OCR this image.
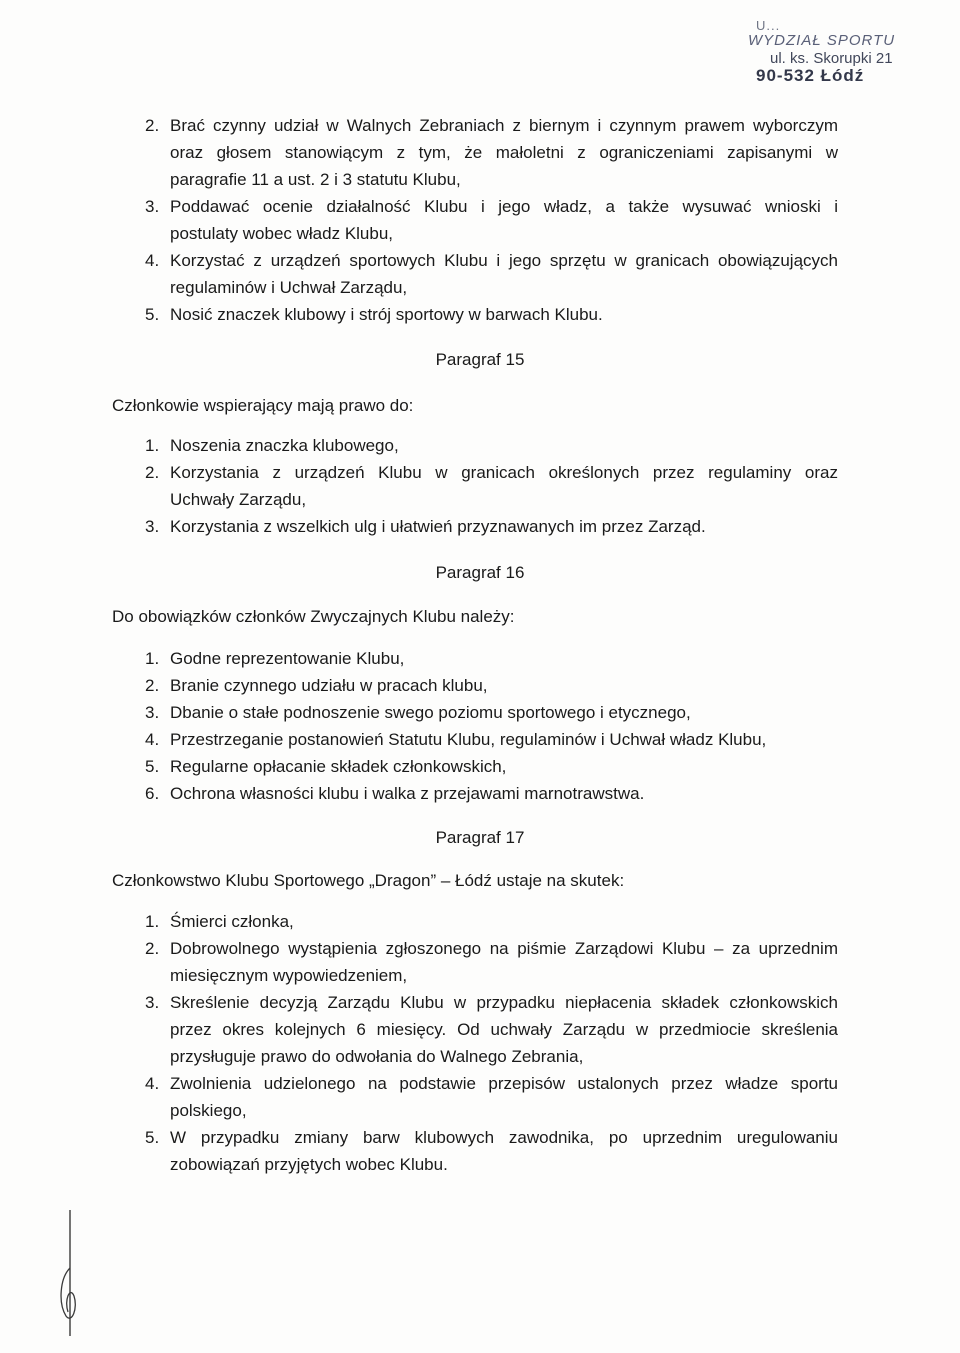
U...
WYDZIAŁ SPORTU
ul. ks. Skorupki 21
90-532 Łódź
2. Brać czynny udział w Walnych Zebraniach z biernym i czynnym prawem wyborczym
oraz głosem stanowiącym z tym, że małoletni z ograniczeniami zapisanymi w
paragrafie 11 a ust. 2 i 3 statutu Klubu,
3. Poddawać ocenie działalność Klubu i jego władz, a także wysuwać wnioski i
postulaty wobec władz Klubu,
4. Korzystać z urządzeń sportowych Klubu i jego sprzętu w granicach obowiązujących
regulaminów i Uchwał Zarządu,
5. Nosić znaczek klubowy i strój sportowy w barwach Klubu.
Paragraf 15
Członkowie wspierający mają prawo do:
1. Noszenia znaczka klubowego,
2. Korzystania z urządzeń Klubu w granicach określonych przez regulaminy oraz
Uchwały Zarządu,
3. Korzystania z wszelkich ulg i ułatwień przyznawanych im przez Zarząd.
Paragraf 16
Do obowiązków członków Zwyczajnych Klubu należy:
1. Godne reprezentowanie Klubu,
2. Branie czynnego udziału w pracach klubu,
3. Dbanie o stałe podnoszenie swego poziomu sportowego i etycznego,
4. Przestrzeganie postanowień Statutu Klubu, regulaminów i Uchwał władz Klubu,
5. Regularne opłacanie składek członkowskich,
6. Ochrona własności klubu i walka z przejawami marnotrawstwa.
Paragraf 17
Członkowstwo Klubu Sportowego „Dragon” – Łódź ustaje na skutek:
1. Śmierci członka,
2. Dobrowolnego wystąpienia zgłoszonego na piśmie Zarządowi Klubu – za uprzednim
miesięcznym wypowiedzeniem,
3. Skreślenie decyzją Zarządu Klubu w przypadku niepłacenia składek członkowskich
przez okres kolejnych 6 miesięcy. Od uchwały Zarządu w przedmiocie skreślenia
przysługuje prawo do odwołania do Walnego Zebrania,
4. Zwolnienia udzielonego na podstawie przepisów ustalonych przez władze sportu
polskiego,
5. W przypadku zmiany barw klubowych zawodnika, po uprzednim uregulowaniu
zobowiązań przyjętych wobec Klubu.
